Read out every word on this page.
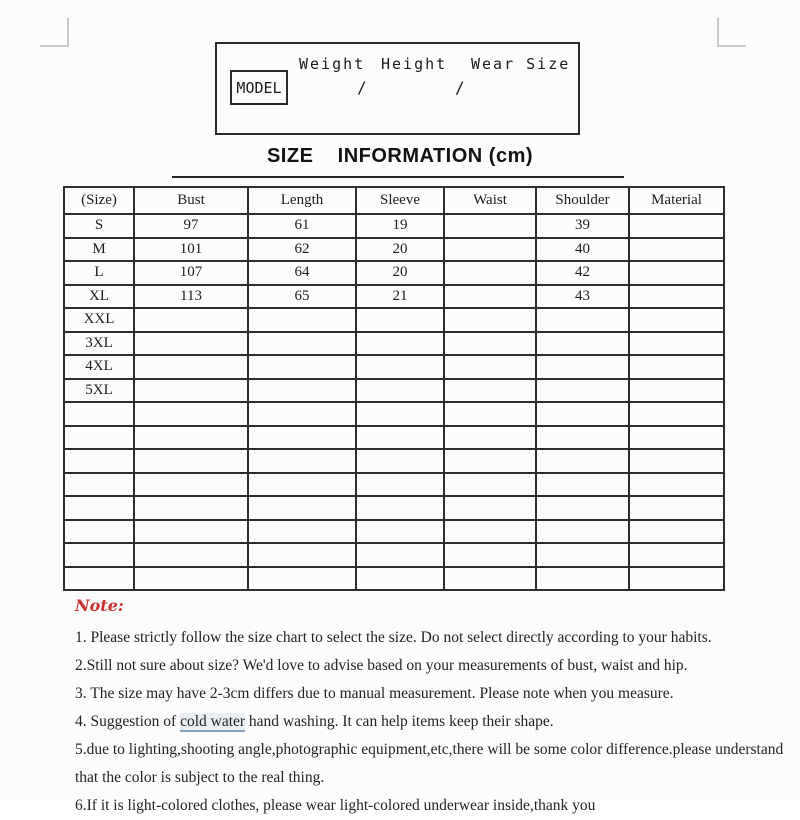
MODEL
Weight Height Wear Size
/	/
SIZE    INFORMATION (cm)
(Size)	Bust	Length	Sleeve	Waist	Shoulder	Material
S	97	61	19		39	
M	101	62	20		40	
L	107	64	20		42	
XL	113	65	21		43	
XXL						
3XL						
4XL						
5XL						

Note:
1. Please strictly follow the size chart to select the size. Do not select directly according to your habits.
2.Still not sure about size? We'd love to advise based on your measurements of bust, waist and hip.
3. The size may have 2-3cm differs due to manual measurement. Please note when you measure.
4. Suggestion of cold water hand washing. It can help items keep their shape.
5.due to lighting,shooting angle,photographic equipment,etc,there will be some color difference.please understand that the color is subject to the real thing.
6.If it is light-colored clothes, please wear light-colored underwear inside,thank you
